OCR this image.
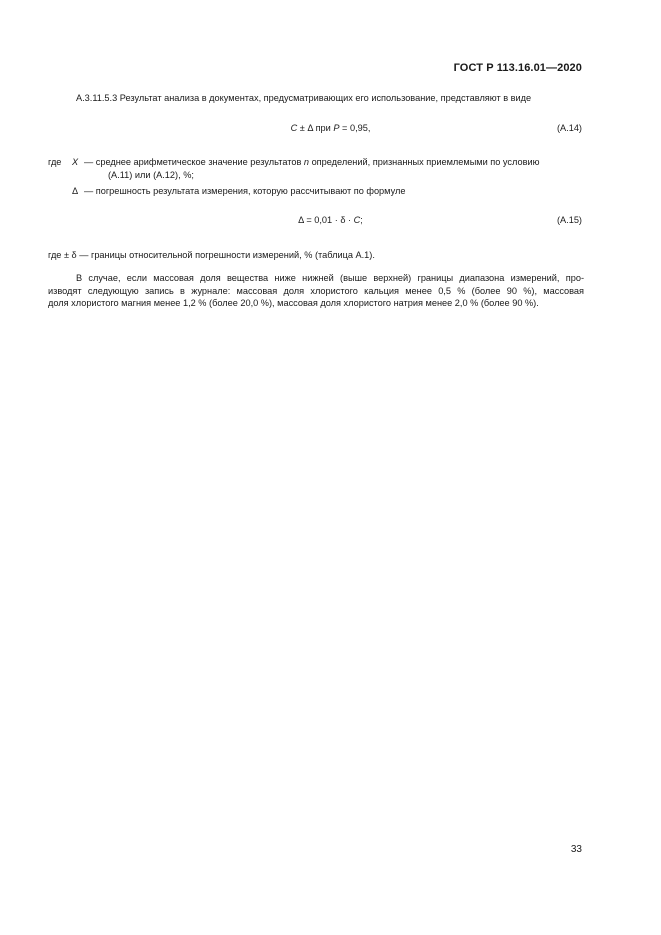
ГОСТ Р 113.16.01—2020
А.3.11.5.3 Результат анализа в документах, предусматривающих его использование, представляют в виде
C ± Δ при P = 0,95,	(А.14)
где X — среднее арифметическое значение результатов n определений, признанных приемлемыми по условию
(А.11) или (А.12), %;
Δ — погрешность результата измерения, которую рассчитывают по формуле
Δ = 0,01 · δ · C;	(А.15)
где ± δ — границы относительной погрешности измерений, % (таблица А.1).
В случае, если массовая доля вещества ниже нижней (выше верхней) границы диапазона измерений, про-
изводят следующую запись в журнале: массовая доля хлористого кальция менее 0,5 % (более 90 %), массовая
доля хлористого магния менее 1,2 % (более 20,0 %), массовая доля хлористого натрия менее 2,0 % (более 90 %).
33
